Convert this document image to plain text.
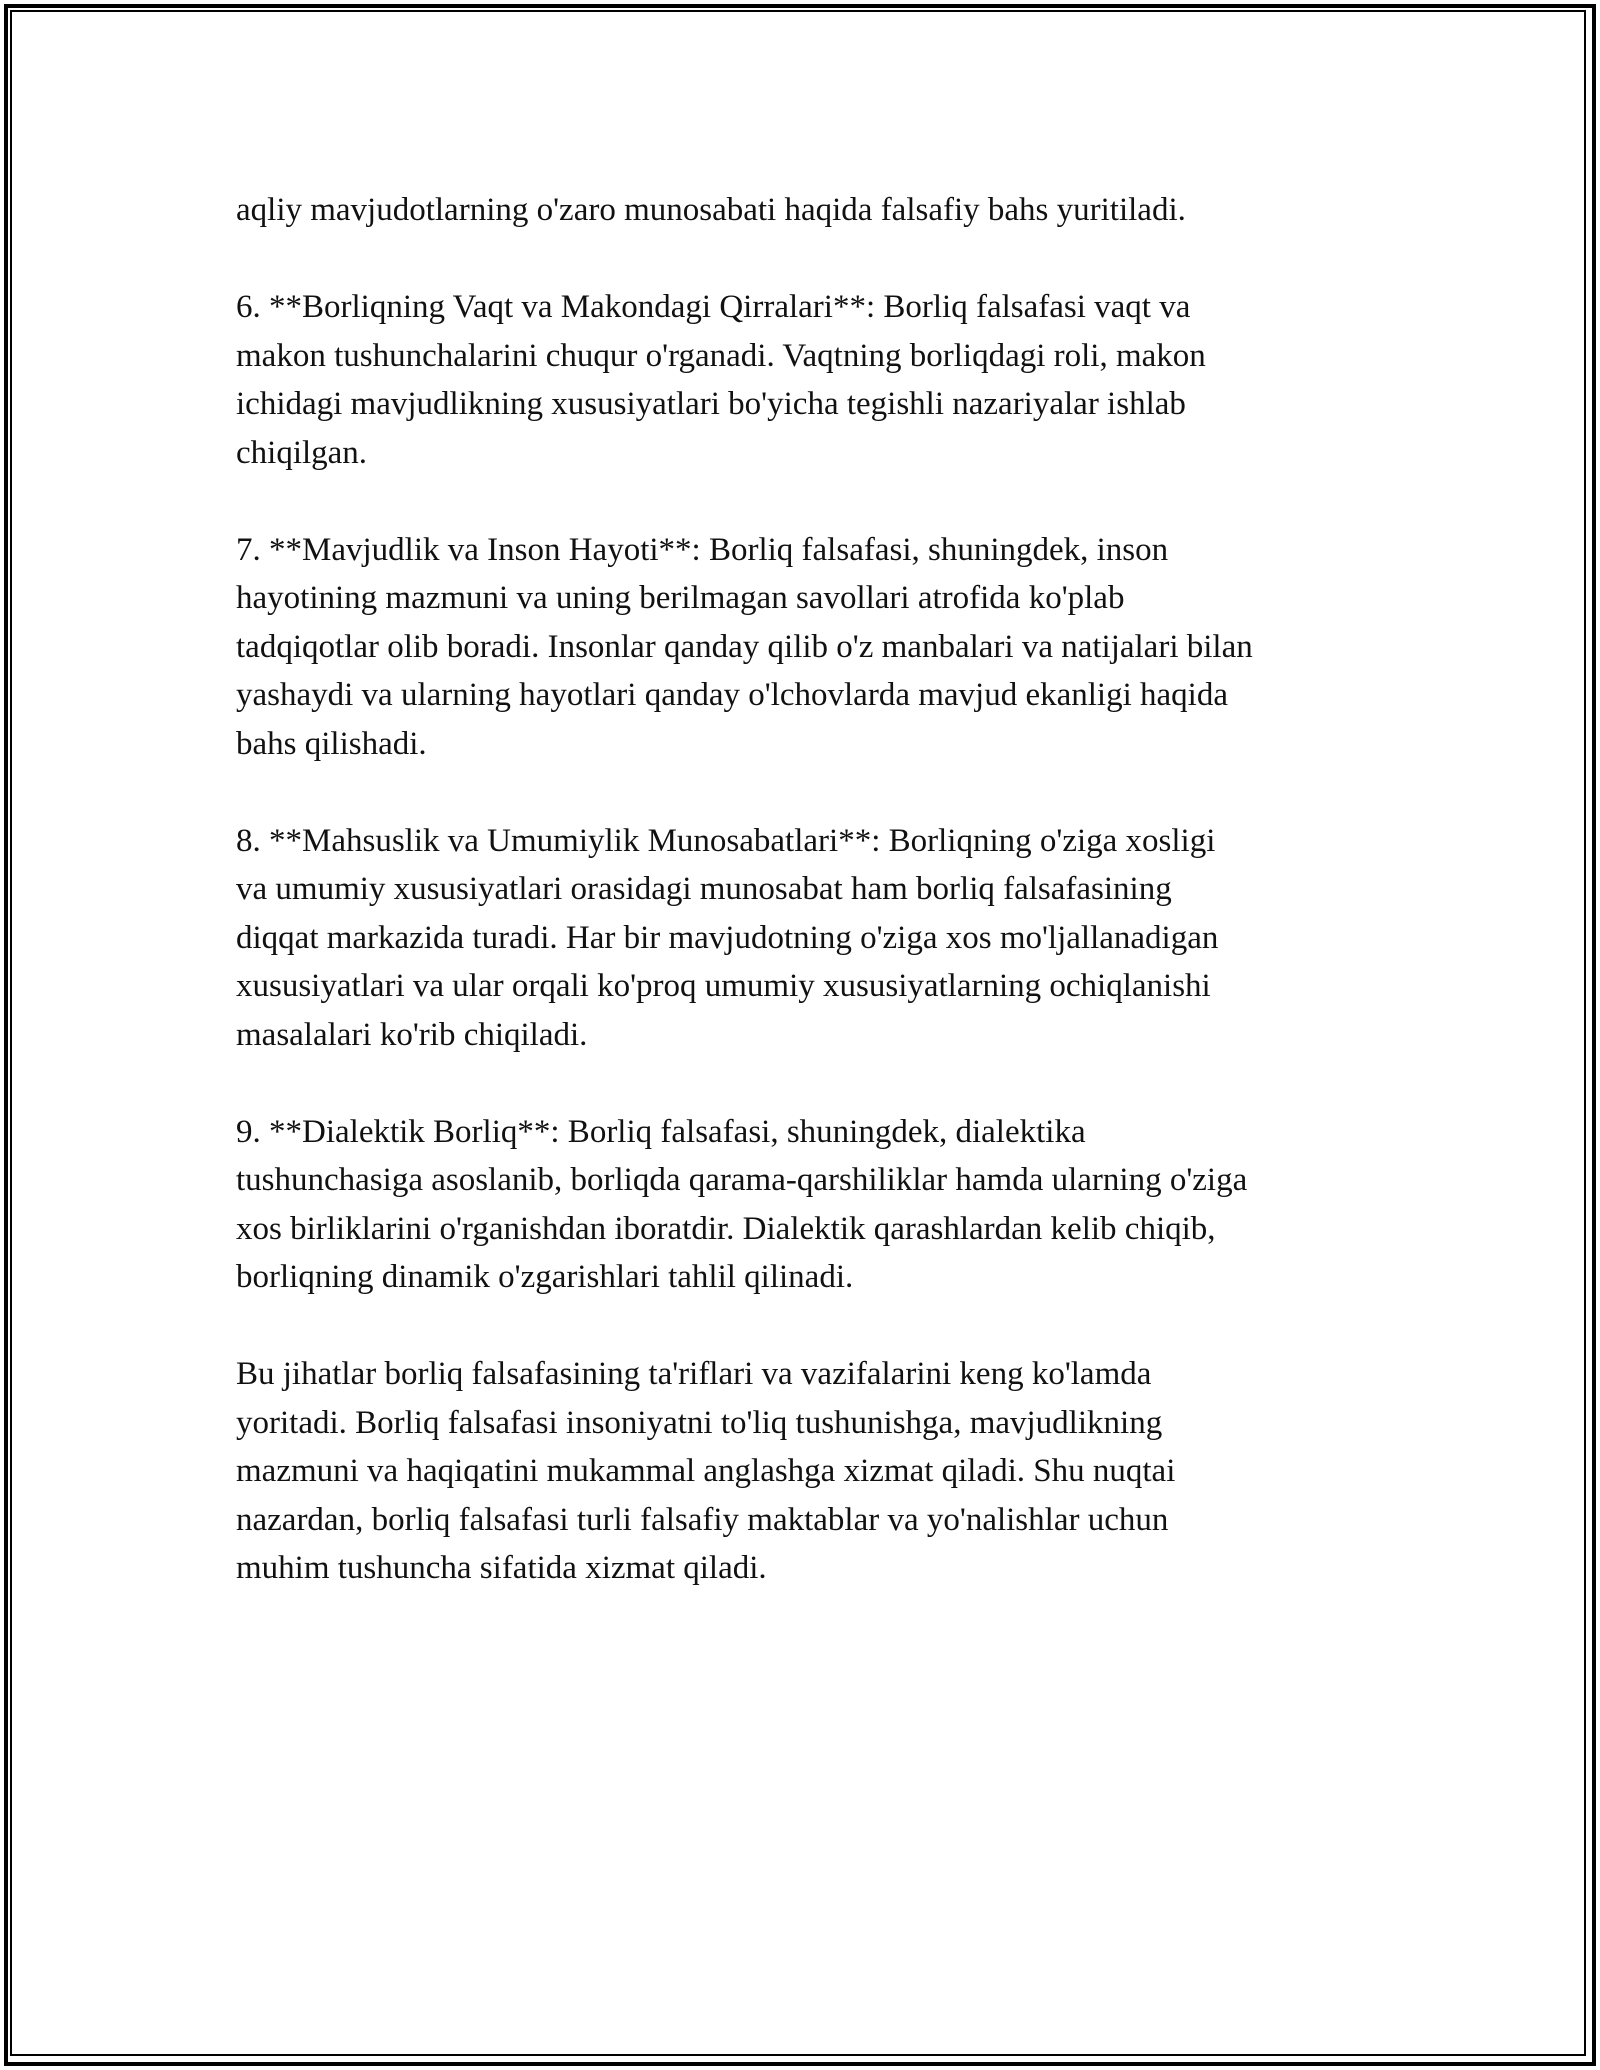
aqliy mavjudotlarning o'zaro munosabati haqida falsafiy bahs yuritiladi.

6. **Borliqning Vaqt va Makondagi Qirralari**: Borliq falsafasi vaqt va
makon tushunchalarini chuqur o'rganadi. Vaqtning borliqdagi roli, makon
ichidagi mavjudlikning xususiyatlari bo'yicha tegishli nazariyalar ishlab
chiqilgan.

7. **Mavjudlik va Inson Hayoti**: Borliq falsafasi, shuningdek, inson
hayotining mazmuni va uning berilmagan savollari atrofida ko'plab
tadqiqotlar olib boradi. Insonlar qanday qilib o'z manbalari va natijalari bilan
yashaydi va ularning hayotlari qanday o'lchovlarda mavjud ekanligi haqida
bahs qilishadi.

8. **Mahsuslik va Umumiylik Munosabatlari**: Borliqning o'ziga xosligi
va umumiy xususiyatlari orasidagi munosabat ham borliq falsafasining
diqqat markazida turadi. Har bir mavjudotning o'ziga xos mo'ljallanadigan
xususiyatlari va ular orqali ko'proq umumiy xususiyatlarning ochiqlanishi
masalalari ko'rib chiqiladi.

9. **Dialektik Borliq**: Borliq falsafasi, shuningdek, dialektika
tushunchasiga asoslanib, borliqda qarama-qarshiliklar hamda ularning o'ziga
xos birliklarini o'rganishdan iboratdir. Dialektik qarashlardan kelib chiqib,
borliqning dinamik o'zgarishlari tahlil qilinadi.

Bu jihatlar borliq falsafasining ta'riflari va vazifalarini keng ko'lamda
yoritadi. Borliq falsafasi insoniyatni to'liq tushunishga, mavjudlikning
mazmuni va haqiqatini mukammal anglashga xizmat qiladi. Shu nuqtai
nazardan, borliq falsafasi turli falsafiy maktablar va yo'nalishlar uchun
muhim tushuncha sifatida xizmat qiladi.
